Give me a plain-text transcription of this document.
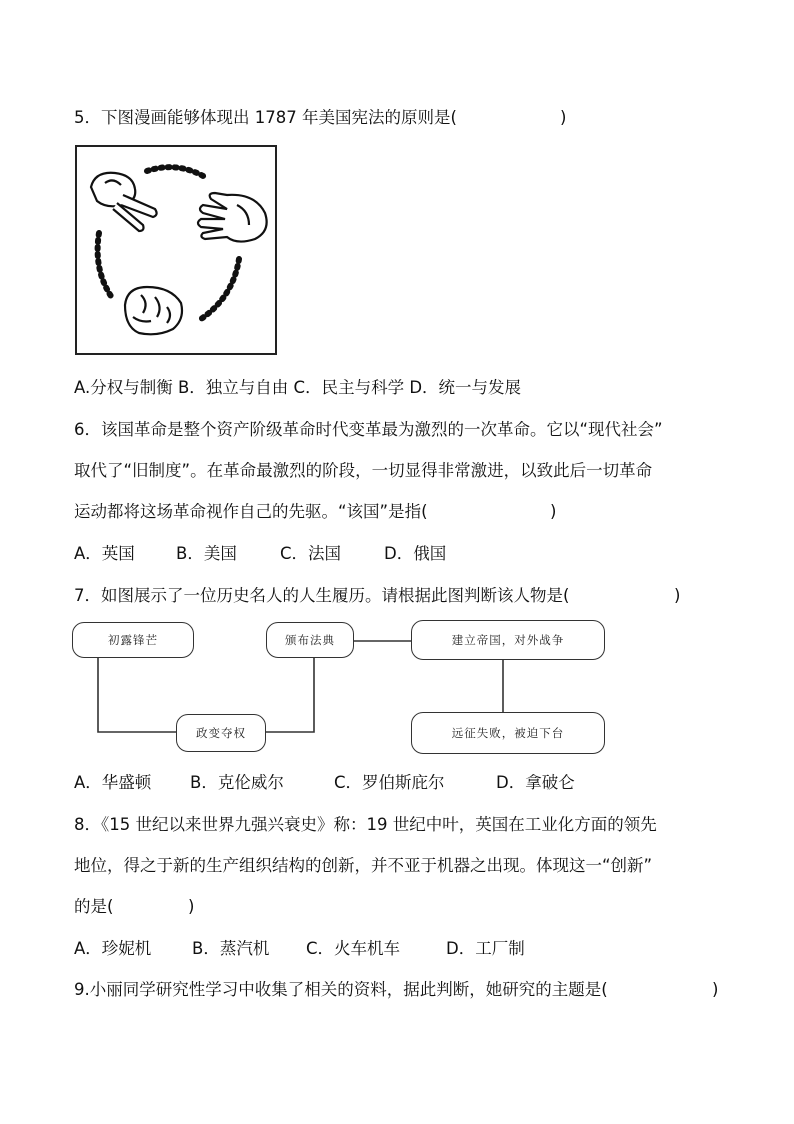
5．下图漫画能够体现出 1787 年美国宪法的原则是(	)
A.分权与制衡 B．独立与自由 C．民主与科学 D．统一与发展
6．该国革命是整个资产阶级革命时代变革最为激烈的一次革命。它以“现代社会”
取代了“旧制度”。在革命最激烈的阶段，一切显得非常激进，以致此后一切革命
运动都将这场革命视作自己的先驱。“该国”是指(	)
A．英国 B．美国	C．法国	D．俄国
7．如图展示了一位历史名人的人生履历。请根据此图判断该人物是(	)
初露锋芒
政变夺权
颁布法典	建立帝国，对外战争
远征失败，被迫下台
A．华盛顿 B．克伦威尔	C．罗伯斯庇尔	D．拿破仑
8．《15 世纪以来世界九强兴衰史》称：19 世纪中叶，英国在工业化方面的领先
地位，得之于新的生产组织结构的创新，并不亚于机器之出现。体现这一“创新”
的是(	)
A．珍妮机 B．蒸汽机 C．火车机车	D．工厂制
9.小丽同学研究性学习中收集了相关的资料，据此判断，她研究的主题是(	)
